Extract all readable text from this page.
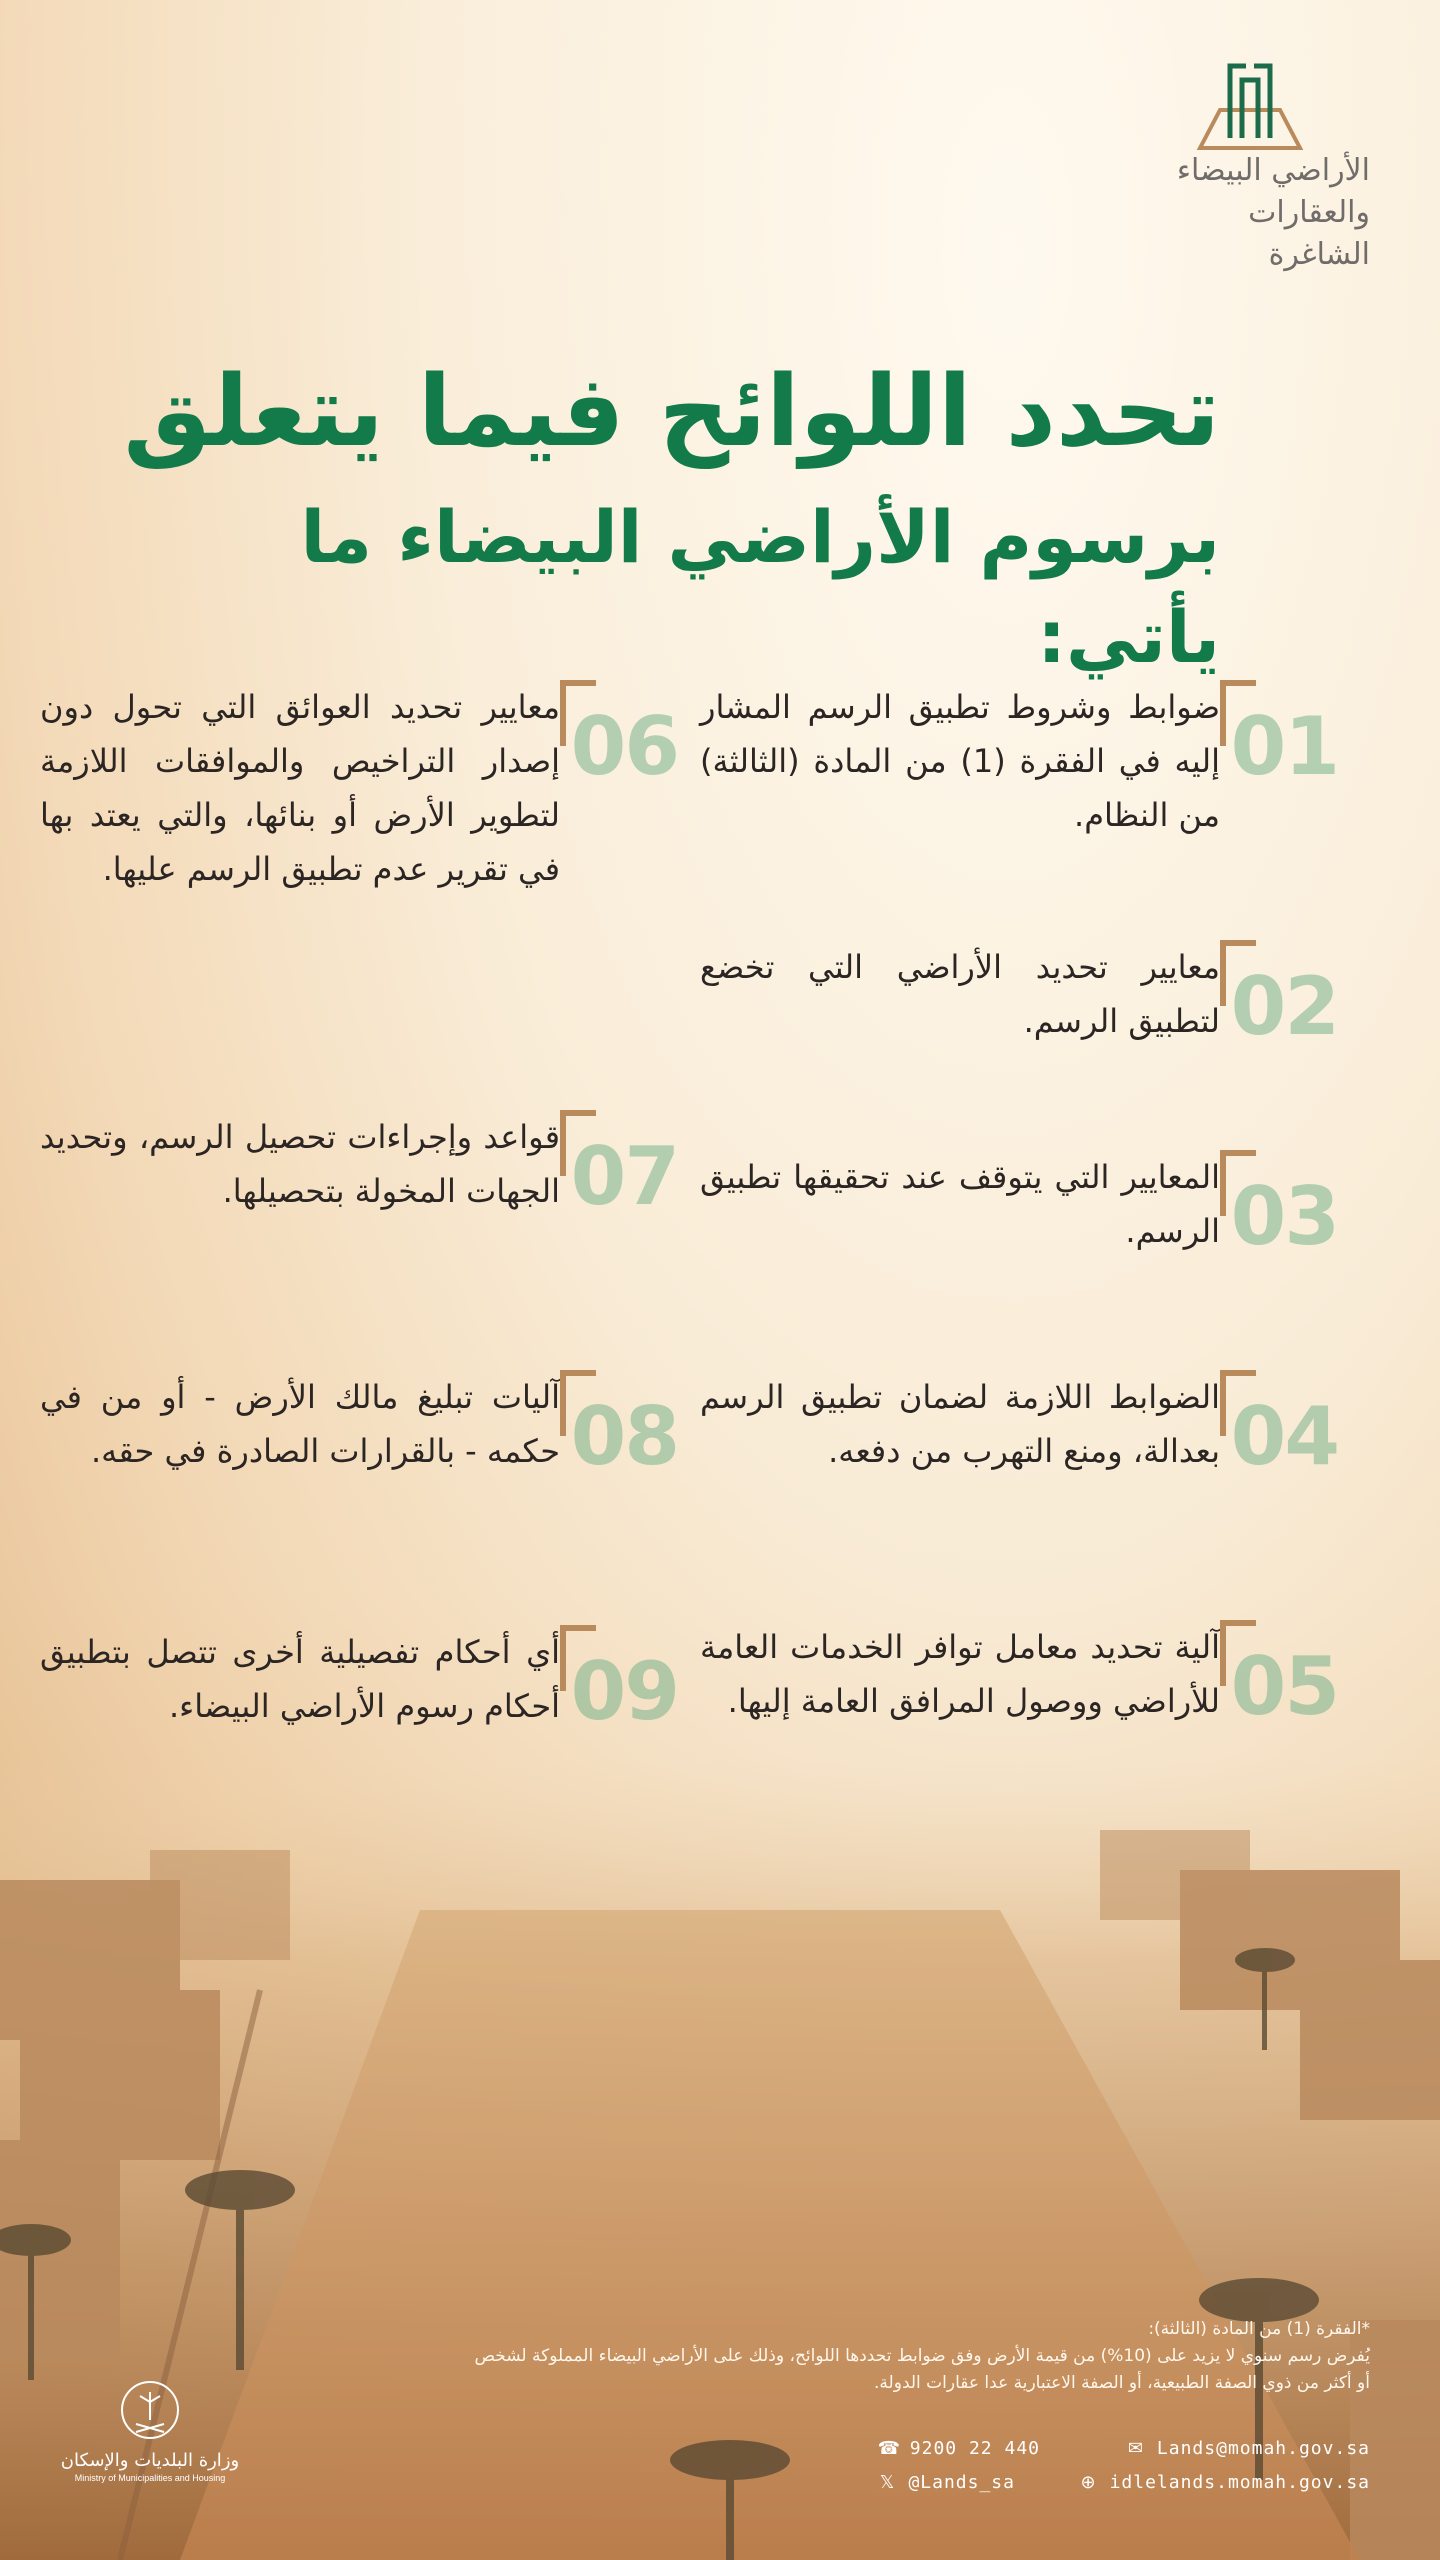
الأراضي البيضاء
والعقارات الشاغرة
تحدد اللوائح فيما يتعلق
برسوم الأراضي البيضاء ما يأتي:
01
ضوابط وشروط تطبيق الرسم المشار إليه في الفقرة (1) من المادة (الثالثة) من النظام.
02
معايير تحديد الأراضي التي تخضع لتطبيق الرسم.
03
المعايير التي يتوقف عند تحقيقها تطبيق الرسم.
04
الضوابط اللازمة لضمان تطبيق الرسم بعدالة، ومنع التهرب من دفعه.
05
آلية تحديد معامل توافر الخدمات العامة للأراضي ووصول المرافق العامة إليها.
06
معايير تحديد العوائق التي تحول دون إصدار التراخيص والموافقات اللازمة لتطوير الأرض أو بنائها، والتي يعتد بها في تقرير عدم تطبيق الرسم عليها.
07
قواعد وإجراءات تحصيل الرسم، وتحديد الجهات المخولة بتحصيلها.
08
آليات تبليغ مالك الأرض - أو من في حكمه - بالقرارات الصادرة في حقه.
09
أي أحكام تفصيلية أخرى تتصل بتطبيق أحكام رسوم الأراضي البيضاء.
*الفقرة (1) من المادة (الثالثة):
يُفرض رسم سنوي لا يزيد على (10%) من قيمة الأرض وفق ضوابط تحددها اللوائح، وذلك على الأراضي البيضاء المملوكة لشخص أو أكثر من ذوي الصفة الطبيعية، أو الصفة الاعتبارية عدا عقارات الدولة.
✉ Lands@momah.gov.sa
⊕ idlelands.momah.gov.sa
☎ 9200 22 440
𝕏 @Lands_sa
وزارة البلديات والإسكان
Ministry of Municipalities and Housing
